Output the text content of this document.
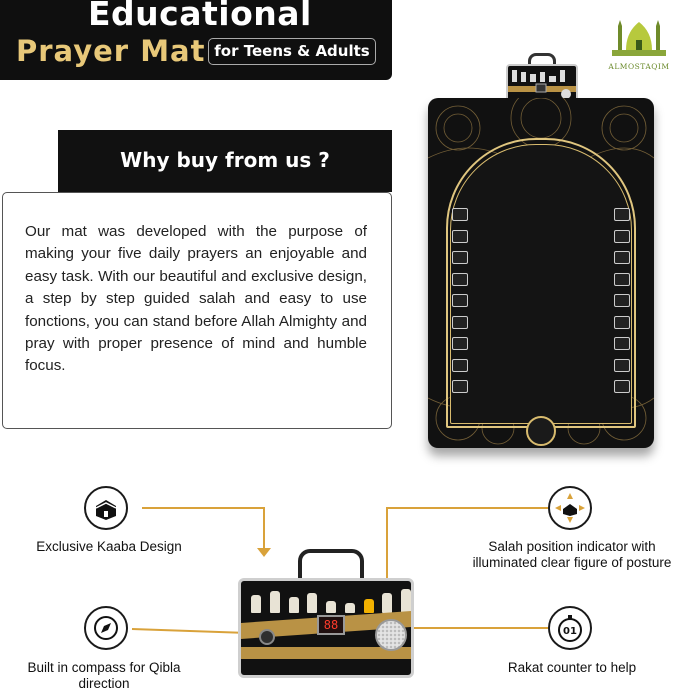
Educational
Prayer Mat for Teens & Adults
ALMOSTAQIM
Why buy from us ?

Our mat was developed with the purpose of making your five daily prayers an enjoyable and easy task. With our beautiful and exclusive design, a step by step guided salah and easy to use fonctions, you can stand before Allah Almighty and pray with proper presence of mind and humble focus.

Exclusive Kaaba Design	Salah position indicator with illuminated clear figure of posture
Built in compass for Qibla direction
01
Rakat counter to help
88
